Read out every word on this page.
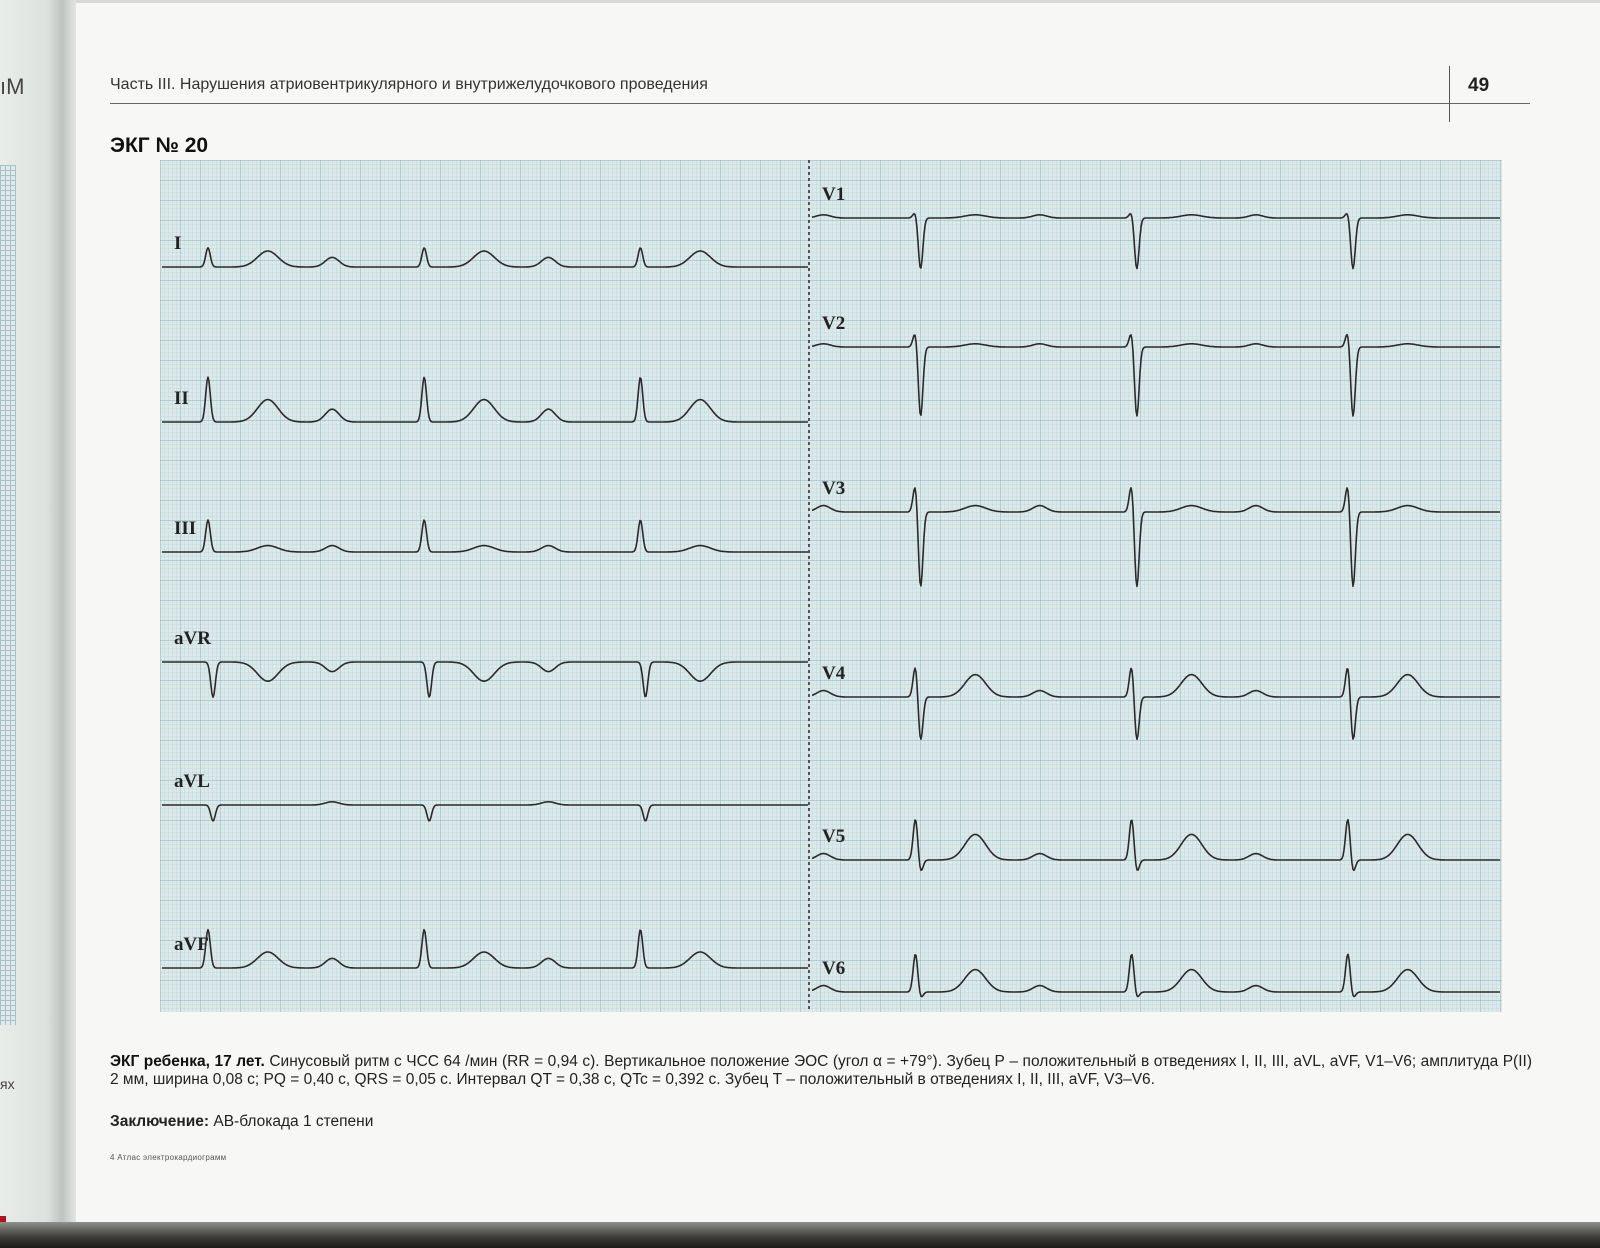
ıM
ях
Часть III. Нарушения атриовентрикулярного и внутрижелудочкового проведения	49
ЭКГ № 20
I
II
III
aVR
aVL
aVF
V1
V2
V3
V4
V5
V6
ЭКГ ребенка, 17 лет. Синусовый ритм с ЧСС 64 /мин (RR = 0,94 с). Вертикальное положение ЭОС (угол α = +79°). Зубец Р – положительный в отведениях I, II, III, aVL, aVF, V1–V6; амплитуда P(II) 2 мм, ширина 0,08 с; PQ = 0,40 с, QRS = 0,05 с. Интервал QT = 0,38 с, QTc = 0,392 с. Зубец Т – положительный в отведениях I, II, III, aVF, V3–V6.
Заключение: АВ-блокада 1 степени
4 Атлас электрокардиограмм
